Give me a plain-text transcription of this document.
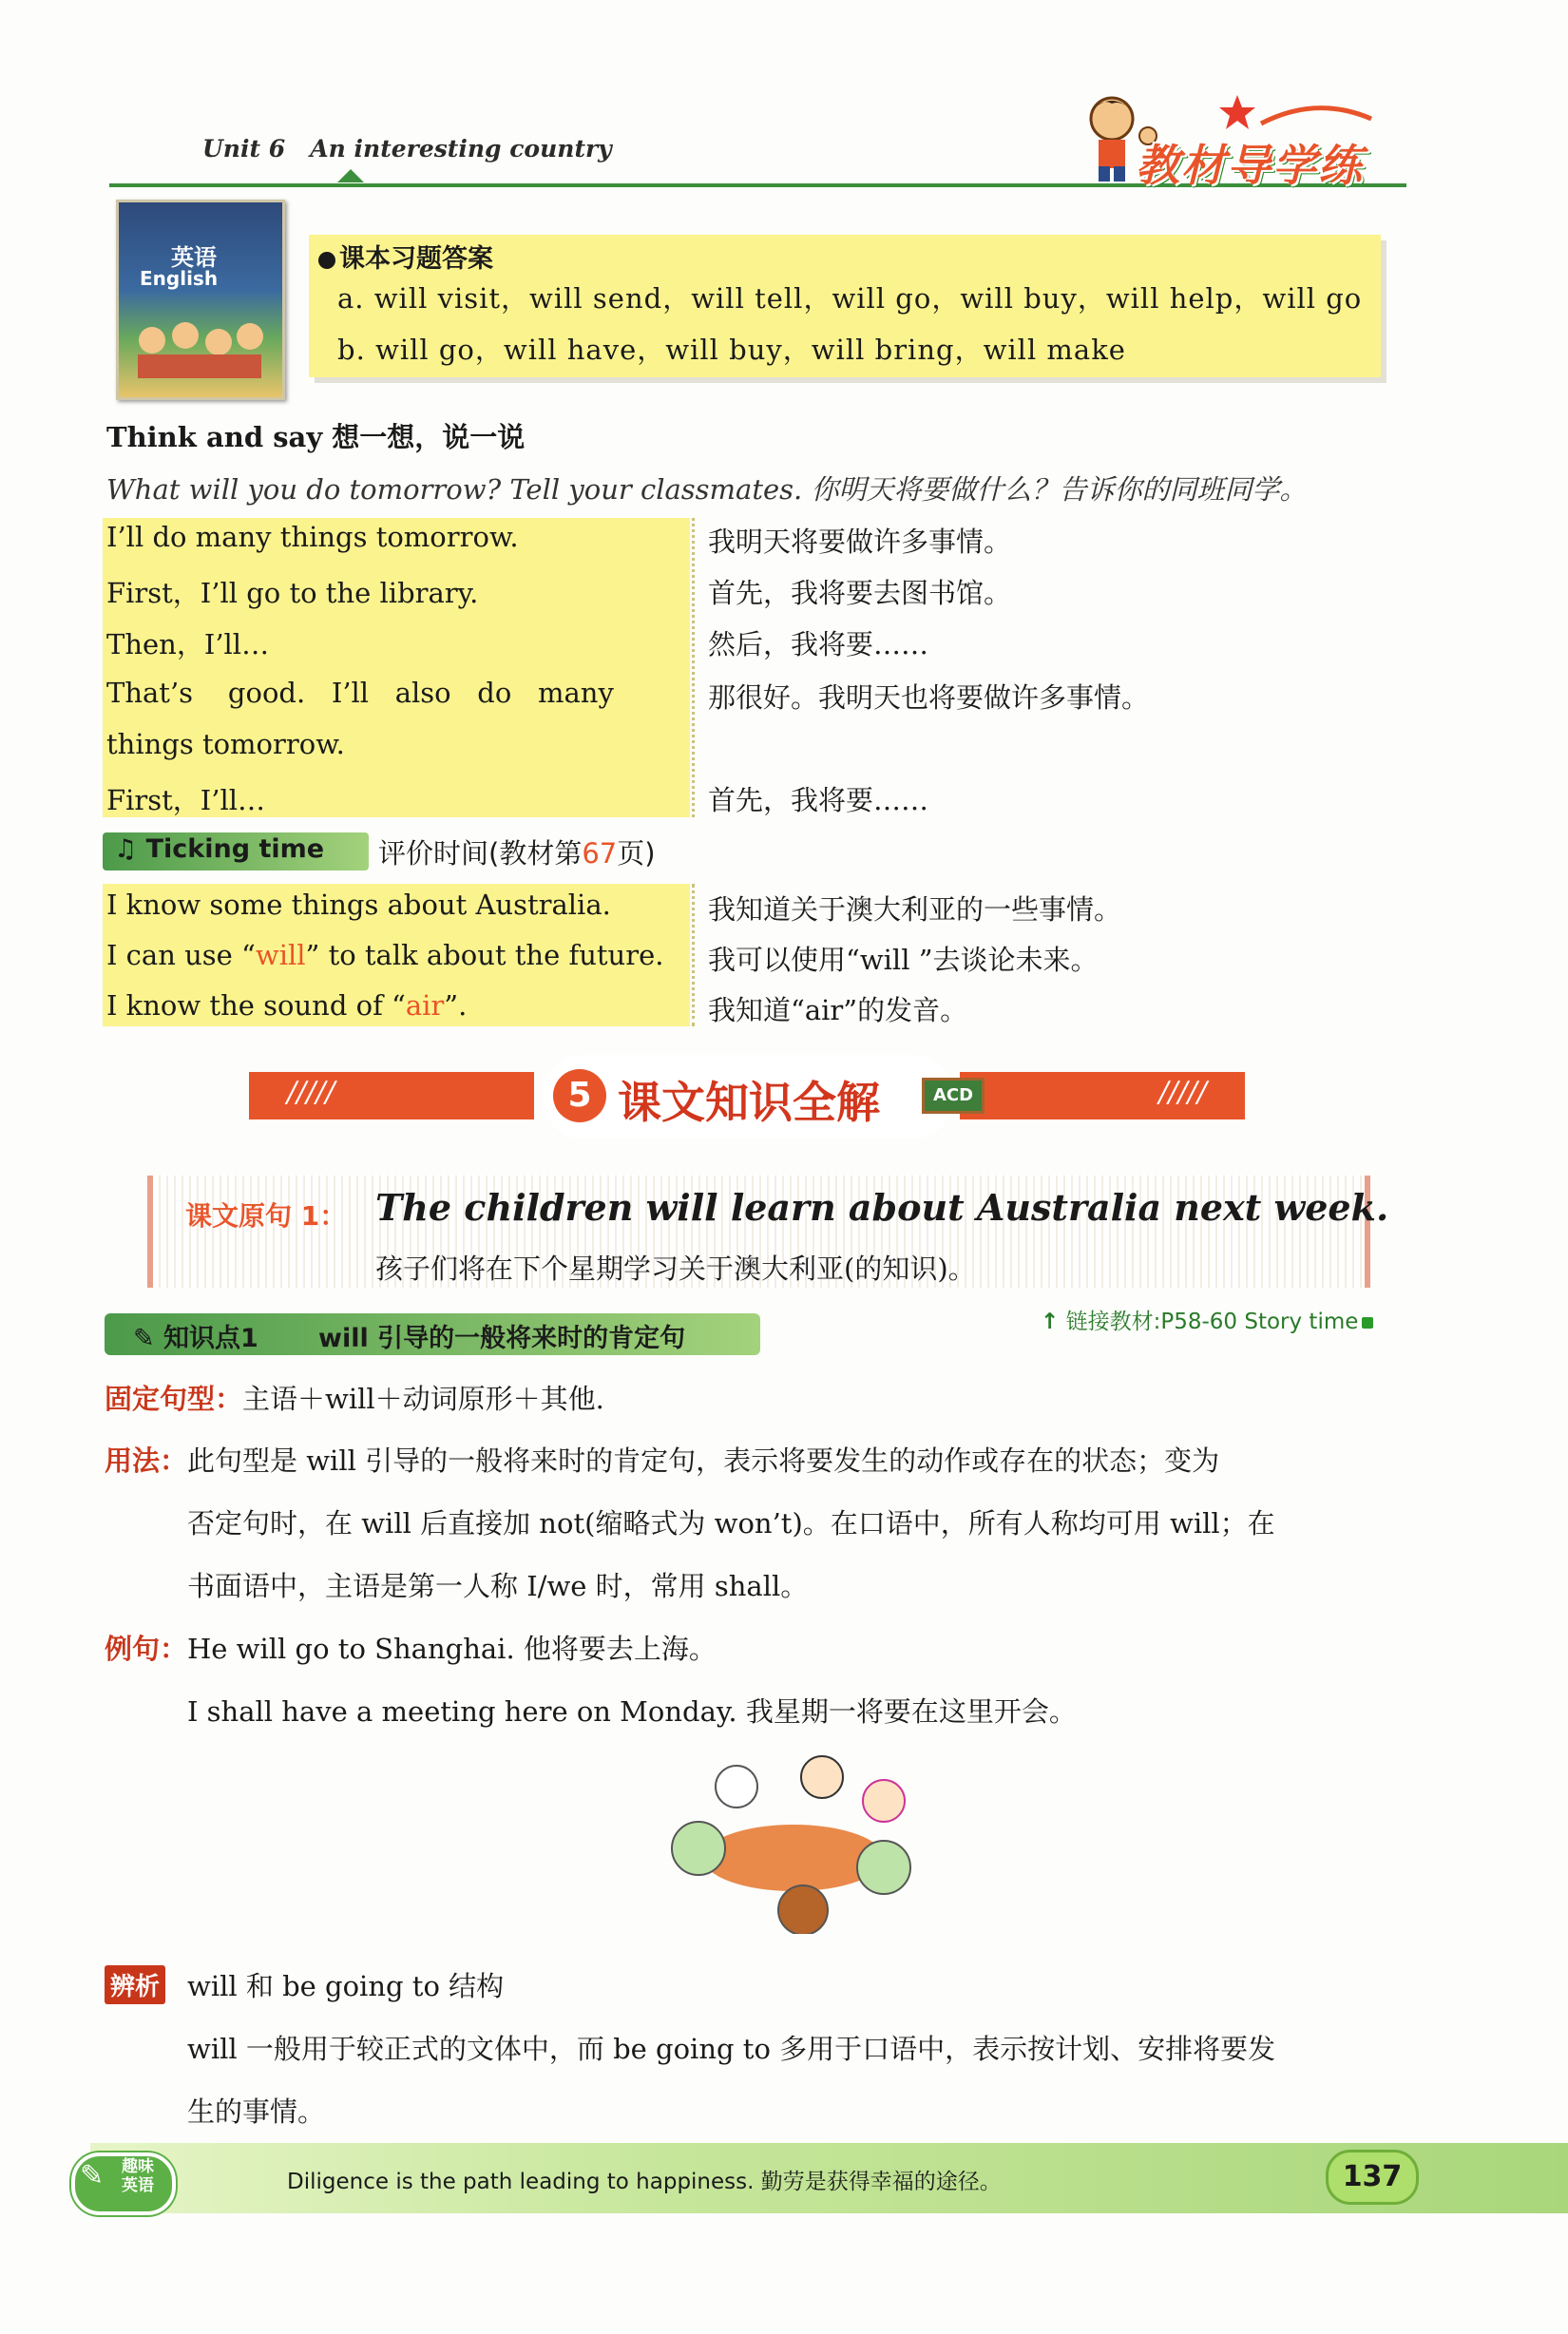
Unit 6 An interesting country	教材导学练
英语
English
课本习题答案
a. will visit，will send，will tell，will go，will buy，will help，will go
b. will go，will have，will buy，will bring，will make
Think and say 想一想，说一说
What will you do tomorrow? Tell your classmates. 你明天将要做什么？告诉你的同班同学。
I’ll do many things tomorrow.	我明天将要做许多事情。
First，I’ll go to the library.	首先，我将要去图书馆。
Then，I’ll…	然后，我将要……
That’s    good.   I’ll   also   do   many	那很好。我明天也将要做许多事情。
things tomorrow.
First，I’ll…	首先，我将要……
♫ Ticking time 评价时间(教材第67页)
I know some things about Australia.	我知道关于澳大利亚的一些事情。
I can use “will” to talk about the future. 我可以使用“will ”去谈论未来。
I know the sound of “air”.	我知道“air”的发音。
/////	/////
5 课文知识全解	ACD
课文原句 1： The children will learn about Australia next week.
孩子们将在下个星期学习关于澳大利亚(的知识)。
✎ 知识点1 will 引导的一般将来时的肯定句
↑ 链接教材:P58-60 Story time
固定句型：主语＋will＋动词原形＋其他.
用法：此句型是 will 引导的一般将来时的肯定句，表示将要发生的动作或存在的状态；变为
否定句时，在 will 后直接加 not(缩略式为 won’t)。在口语中，所有人称均可用 will；在
书面语中，主语是第一人称 I/we 时，常用 shall。
例句：He will go to Shanghai. 他将要去上海。
I shall have a meeting here on Monday. 我星期一将要在这里开会。
辨析 will 和 be going to 结构
will 一般用于较正式的文体中，而 be going to 多用于口语中，表示按计划、安排将要发
生的事情。
✎ 趣味英语	Diligence is the path leading to happiness. 勤劳是获得幸福的途径。	137
